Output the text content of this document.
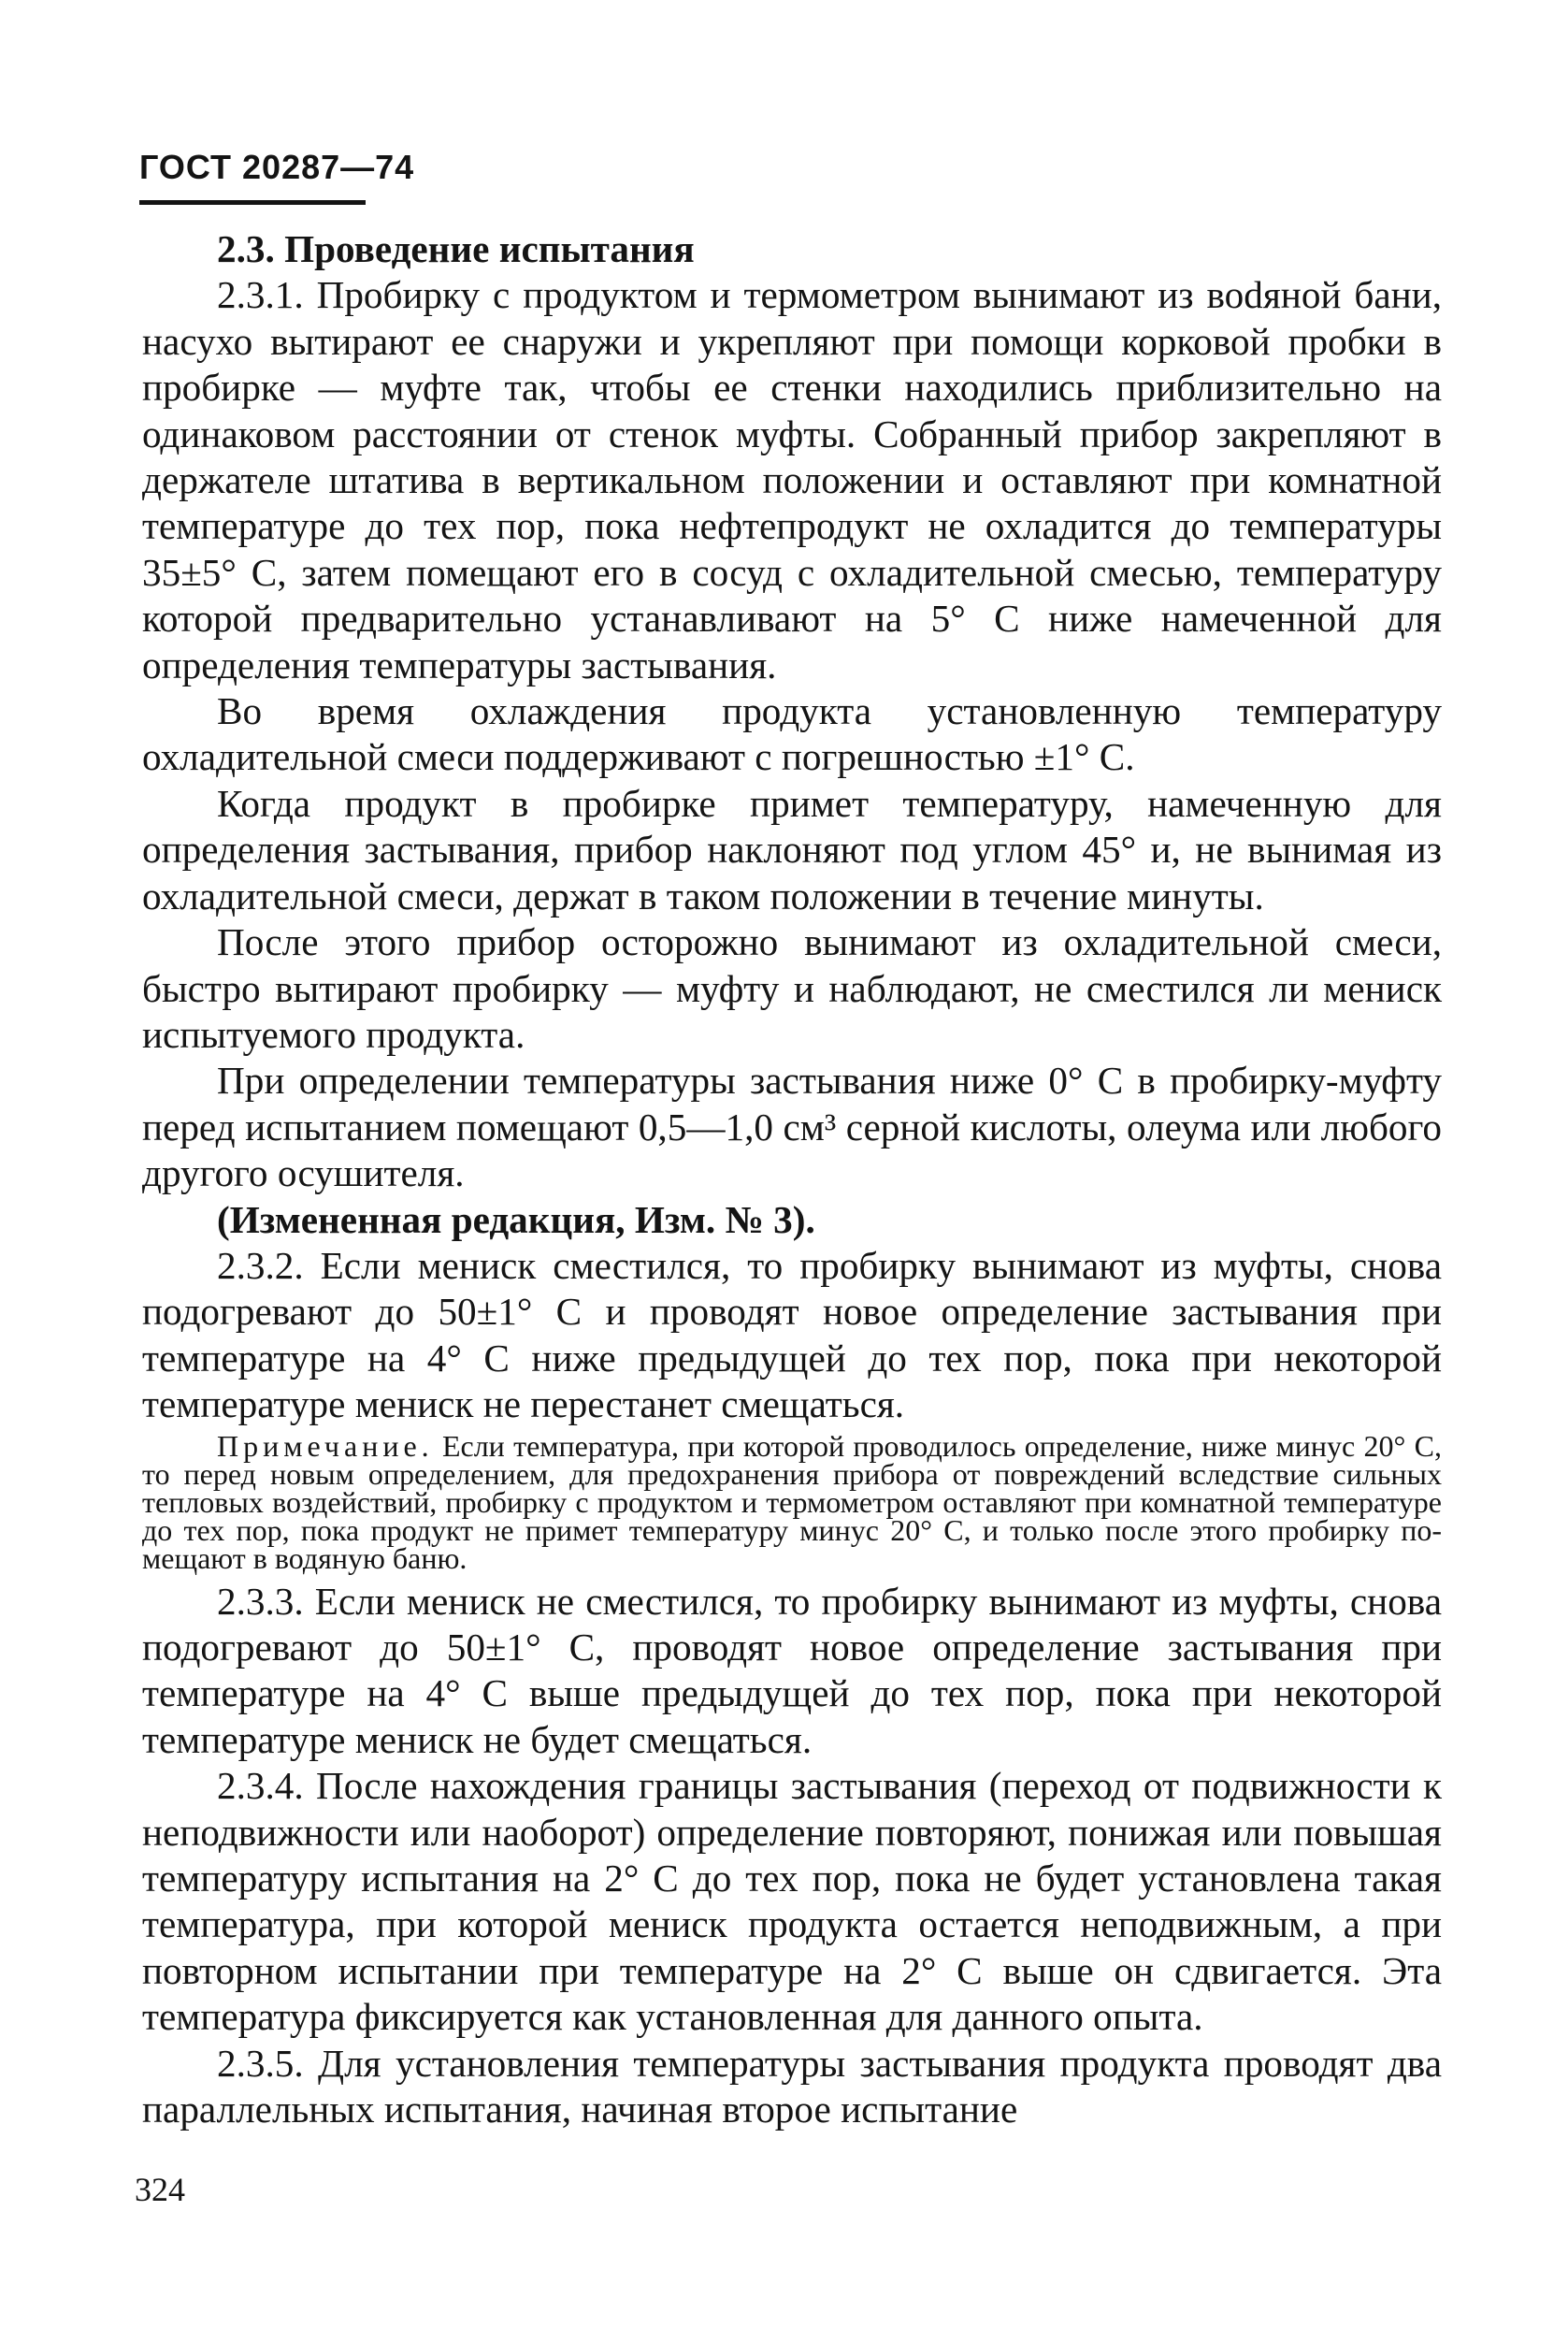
ГОСТ 20287—74

2.3. Проведение испытания

2.3.1. Пробирку с продуктом и термометром вынимают из воdяной бани, насухо вытирают ее снаружи и укрепляют при помощи корковой пробки в пробирке — муфте так, чтобы ее стенки находились приблизительно на одинаковом расстоянии от стенок муфты. Собранный прибор закрепляют в держателе штатива в вертикальном положении и оставляют при комнатной температуре до тех пор, пока нефтепродукт не охладится до температуры 35±5° С, затем помещают его в сосуд с охладительной смесью, температуру которой предварительно устанавливают на 5° С ниже намеченной для определения температуры застывания.

Во время охлаждения продукта установленную температуру охладительной смеси поддерживают с погрешностью ±1° С.

Когда продукт в пробирке примет температуру, намеченную для определения застывания, прибор наклоняют под углом 45° и, не вынимая из охладительной смеси, держат в таком положении в течение минуты.

После этого прибор осторожно вынимают из охладительной смеси, быстро вытирают пробирку — муфту и наблюдают, не сместился ли мениск испытуемого продукта.

При определении температуры застывания ниже 0° С в пробирку-муфту перед испытанием помещают 0,5—1,0 см³ серной кислоты, олеума или любого другого осушителя.

(Измененная редакция, Изм. № 3).

2.3.2. Если мениск сместился, то пробирку вынимают из муфты, снова подогревают до 50±1° С и проводят новое определение застывания при температуре на 4° С ниже предыдущей до тех пор, пока при некоторой температуре мениск не перестанет смещаться.

Примечание. Если температура, при которой проводилось определение, ниже минус 20° С, то перед новым определением, для предохранения прибора от повреждений вследствие сильных тепловых воздействий, пробирку с продуктом и термометром оставляют при комнатной температуре до тех пор, пока продукт не примет температуру минус 20° С, и только после этого пробирку помещают в водяную баню.

2.3.3. Если мениск не сместился, то пробирку вынимают из муфты, снова подогревают до 50±1° С, проводят новое определение застывания при температуре на 4° С выше предыдущей до тех пор, пока при некоторой температуре мениск не будет смещаться.

2.3.4. После нахождения границы застывания (переход от подвижности к неподвижности или наоборот) определение повторяют, понижая или повышая температуру испытания на 2° С до тех пор, пока не будет установлена такая температура, при которой мениск продукта остается неподвижным, а при повторном испытании при температуре на 2° С выше он сдвигается. Эта температура фиксируется как установленная для данного опыта.

2.3.5. Для установления температуры застывания продукта проводят два параллельных испытания, начиная второе испытание

324
